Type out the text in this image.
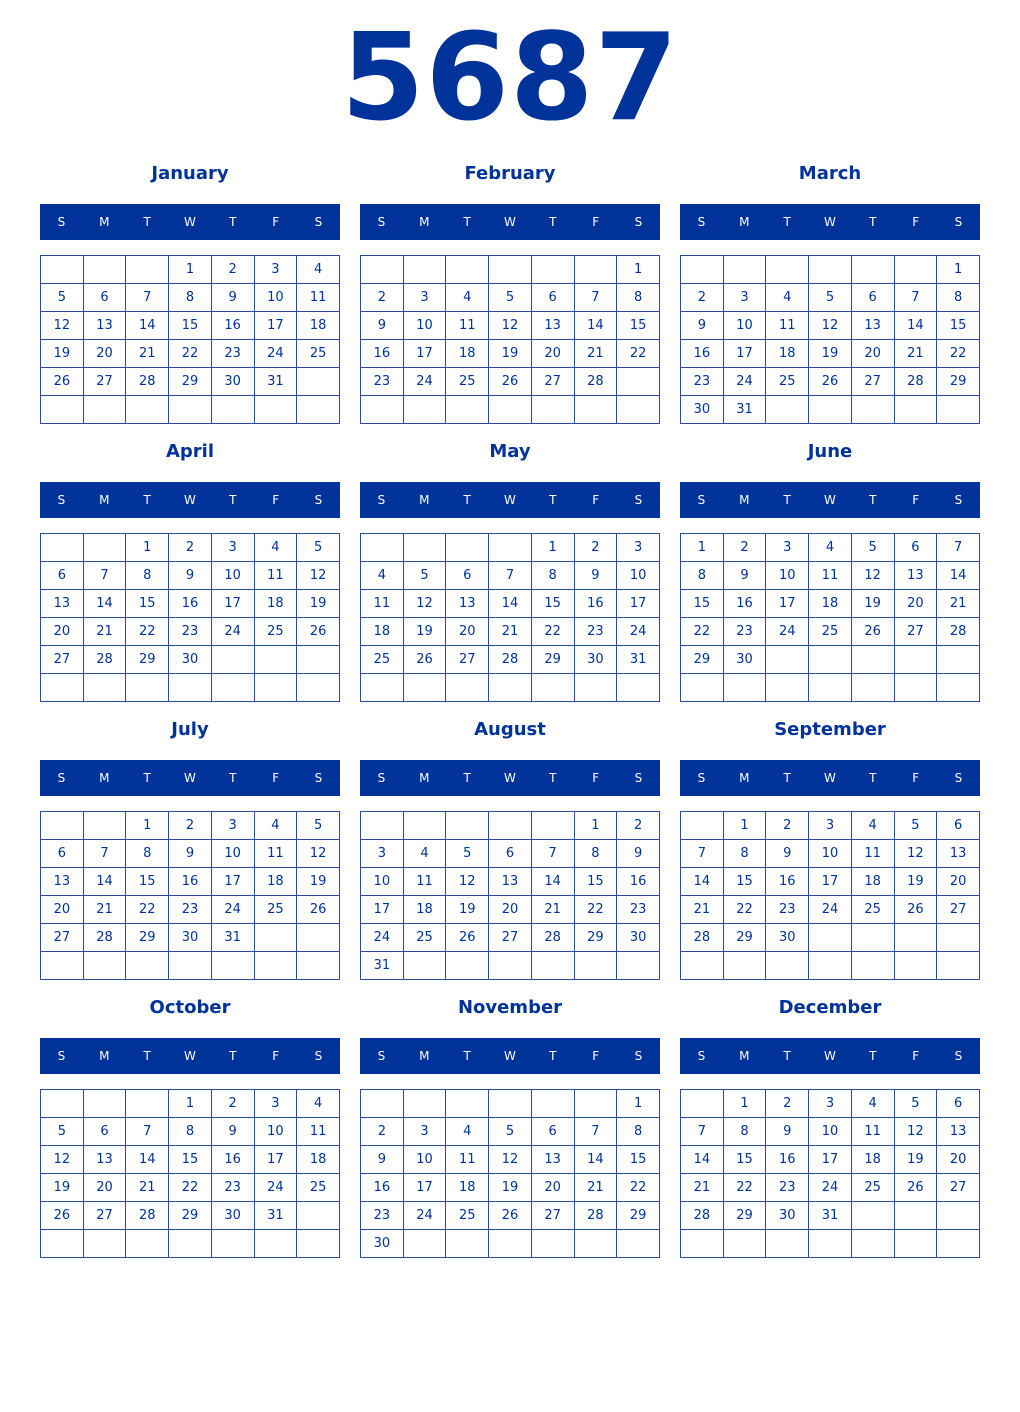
5687
January
S	M	T	W	T	F	S
			1	2	3	4
5	6	7	8	9	10	11
12	13	14	15	16	17	18
19	20	21	22	23	24	25
26	27	28	29	30	31	

February
S	M	T	W	T	F	S
						1
2	3	4	5	6	7	8
9	10	11	12	13	14	15
16	17	18	19	20	21	22
23	24	25	26	27	28	

March
S	M	T	W	T	F	S
						1
2	3	4	5	6	7	8
9	10	11	12	13	14	15
16	17	18	19	20	21	22
23	24	25	26	27	28	29
30	31					
April
S	M	T	W	T	F	S
		1	2	3	4	5
6	7	8	9	10	11	12
13	14	15	16	17	18	19
20	21	22	23	24	25	26
27	28	29	30			

May
S	M	T	W	T	F	S
				1	2	3
4	5	6	7	8	9	10
11	12	13	14	15	16	17
18	19	20	21	22	23	24
25	26	27	28	29	30	31

June
S	M	T	W	T	F	S
1	2	3	4	5	6	7
8	9	10	11	12	13	14
15	16	17	18	19	20	21
22	23	24	25	26	27	28
29	30					

July
S	M	T	W	T	F	S
		1	2	3	4	5
6	7	8	9	10	11	12
13	14	15	16	17	18	19
20	21	22	23	24	25	26
27	28	29	30	31		

August
S	M	T	W	T	F	S
					1	2
3	4	5	6	7	8	9
10	11	12	13	14	15	16
17	18	19	20	21	22	23
24	25	26	27	28	29	30
31						
September
S	M	T	W	T	F	S
	1	2	3	4	5	6
7	8	9	10	11	12	13
14	15	16	17	18	19	20
21	22	23	24	25	26	27
28	29	30				

October
S	M	T	W	T	F	S
			1	2	3	4
5	6	7	8	9	10	11
12	13	14	15	16	17	18
19	20	21	22	23	24	25
26	27	28	29	30	31	

November
S	M	T	W	T	F	S
						1
2	3	4	5	6	7	8
9	10	11	12	13	14	15
16	17	18	19	20	21	22
23	24	25	26	27	28	29
30						
December
S	M	T	W	T	F	S
	1	2	3	4	5	6
7	8	9	10	11	12	13
14	15	16	17	18	19	20
21	22	23	24	25	26	27
28	29	30	31			
